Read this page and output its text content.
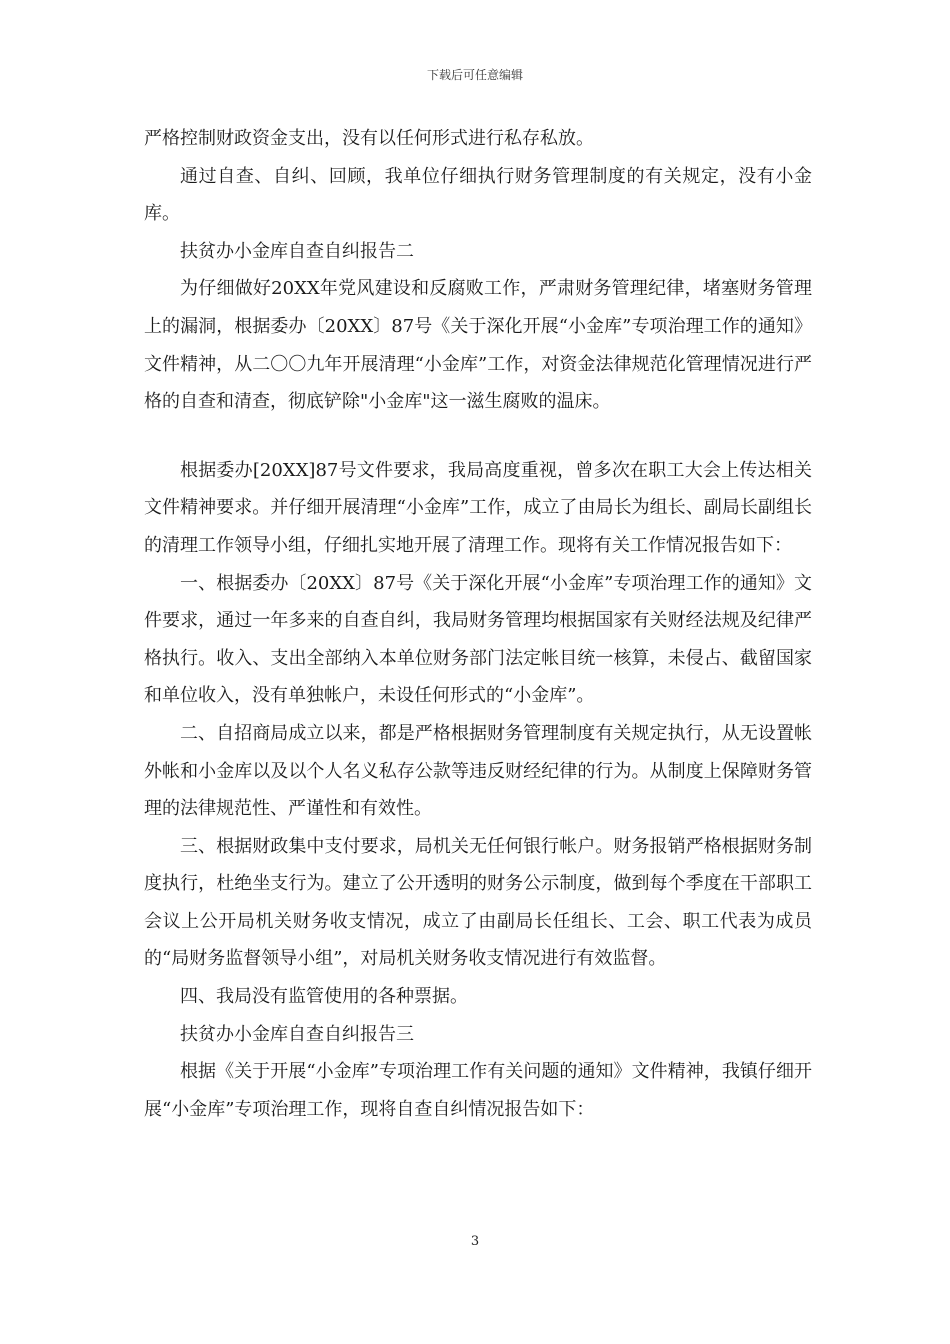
下载后可任意编辑

严格控制财政资金支出，没有以任何形式进行私存私放。

通过自查、自纠、回顾，我单位仔细执行财务管理制度的有关规定，没有小金库。

扶贫办小金库自查自纠报告二

为仔细做好20XX年党风建设和反腐败工作，严肃财务管理纪律，堵塞财务管理上的漏洞，根据委办〔20XX〕87号《关于深化开展“小金库”专项治理工作的通知》文件精神，从二〇〇九年开展清理“小金库”工作，对资金法律规范化管理情况进行严格的自查和清查，彻底铲除"小金库"这一滋生腐败的温床。

根据委办[20XX]87号文件要求，我局高度重视，曾多次在职工大会上传达相关文件精神要求。并仔细开展清理“小金库”工作，成立了由局长为组长、副局长副组长的清理工作领导小组，仔细扎实地开展了清理工作。现将有关工作情况报告如下：

一、根据委办〔20XX〕87号《关于深化开展“小金库”专项治理工作的通知》文件要求，通过一年多来的自查自纠，我局财务管理均根据国家有关财经法规及纪律严格执行。收入、支出全部纳入本单位财务部门法定帐目统一核算，未侵占、截留国家和单位收入，没有单独帐户，未设任何形式的“小金库”。

二、自招商局成立以来，都是严格根据财务管理制度有关规定执行，从无设置帐外帐和小金库以及以个人名义私存公款等违反财经纪律的行为。从制度上保障财务管理的法律规范性、严谨性和有效性。

三、根据财政集中支付要求，局机关无任何银行帐户。财务报销严格根据财务制度执行，杜绝坐支行为。建立了公开透明的财务公示制度，做到每个季度在干部职工会议上公开局机关财务收支情况，成立了由副局长任组长、工会、职工代表为成员的“局财务监督领导小组”，对局机关财务收支情况进行有效监督。

四、我局没有监管使用的各种票据。

扶贫办小金库自查自纠报告三

根据《关于开展“小金库”专项治理工作有关问题的通知》文件精神，我镇仔细开展“小金库”专项治理工作，现将自查自纠情况报告如下：

3
